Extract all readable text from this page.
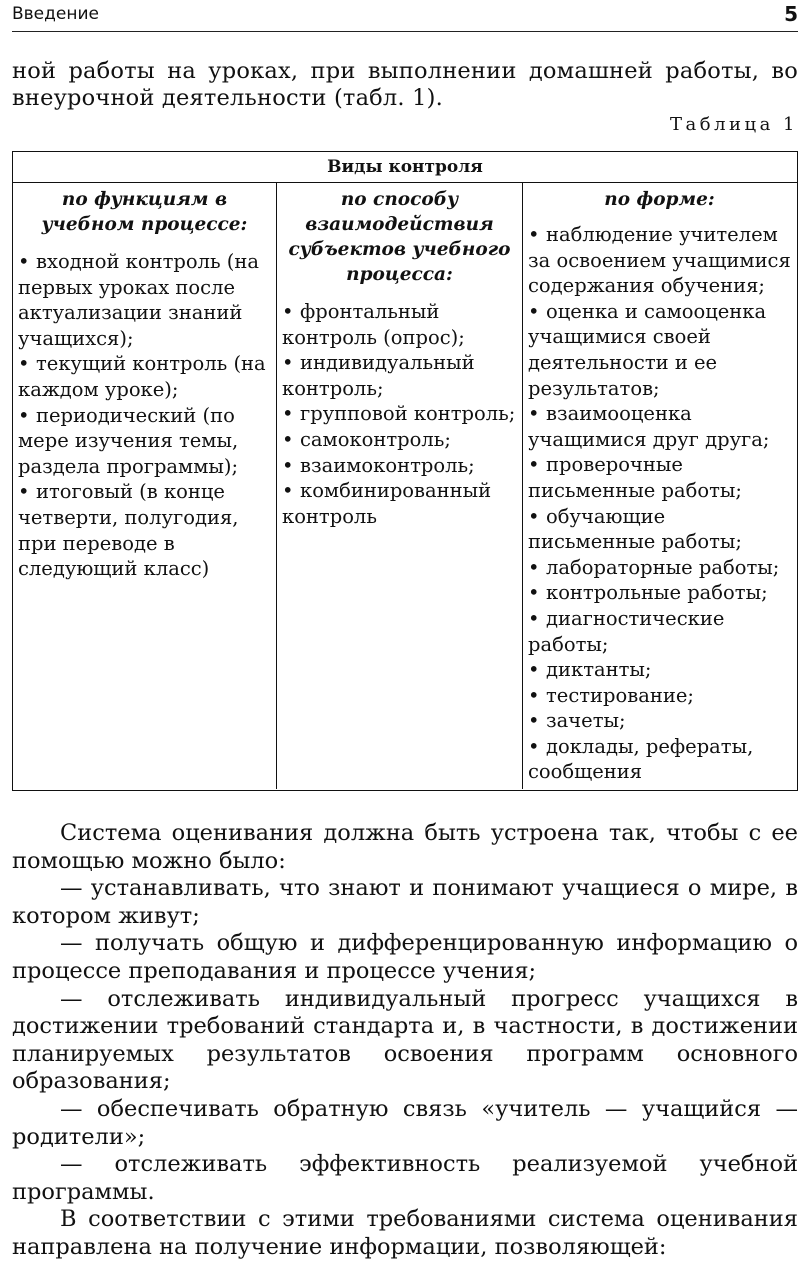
Введение	5

ной работы на уроках, при выполнении домашней работы, во внеурочной деятельности (табл. 1).

Таблица 1
Виды контроля

по функциям в учебном процессе:

• входной контроль (на первых уроках после актуализации знаний учащихся);
• текущий контроль (на каждом уроке);
• периодический (по мере изучения темы, раздела программы);
• итоговый (в конце четверти, полугодия, при переводе в следующий класс)

по способу взаимодействия субъектов учебного процесса:

• фронтальный контроль (опрос);
• индивидуальный контроль;
• групповой контроль;
• самоконтроль;
• взаимоконтроль;
• комбинированный контроль

по форме:

• наблюдение учителем за освоением учащимися содержания обучения;
• оценка и самооценка учащимися своей деятельности и ее результатов;
• взаимооценка учащимися друг друга;
• проверочные письменные работы;
• обучающие письменные работы;
• лабораторные работы;
• контрольные работы;
• диагностические работы;
• диктанты;
• тестирование;
• зачеты;
• доклады, рефераты, сообщения

Система оценивания должна быть устроена так, чтобы с ее помощью можно было:

— устанавливать, что знают и понимают учащиеся о мире, в котором живут;

— получать общую и дифференцированную информацию о процессе преподавания и процессе учения;

— отслеживать индивидуальный прогресс учащихся в достижении требований стандарта и, в частности, в достижении планируемых результатов освоения программ основного образования;

— обеспечивать обратную связь «учитель — учащийся — родители»;

— отслеживать эффективность реализуемой учебной программы.

В соответствии с этими требованиями система оценивания направлена на получение информации, позволяющей:
